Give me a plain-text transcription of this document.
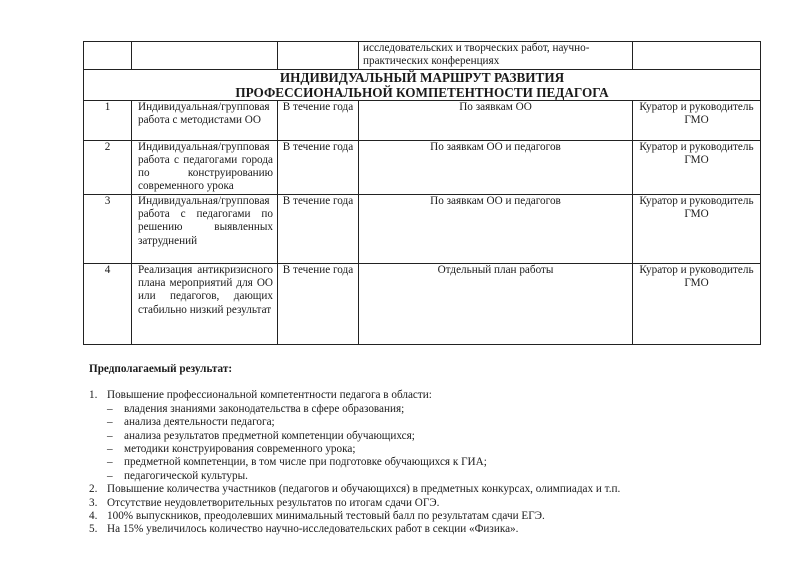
			исследовательских и творческих работ, научно-практических конференциях	

ИНДИВИДУАЛЬНЫЙ МАРШРУТ РАЗВИТИЯ
ПРОФЕССИОНАЛЬНОЙ КОМПЕТЕНТНОСТИ ПЕДАГОГА				

1	Индивидуальная/групповая работа с методистами ОО	В течение года	По заявкам ОО	Куратор и руководитель ГМО
2	Индивидуальная/групповая работа с педагогами города по конструированию современного урока	В течение года	По заявкам ОО и педагогов	Куратор и руководитель ГМО
3	Индивидуальная/групповая работа с педагогами по решению выявленных затруднений	В течение года	По заявкам ОО и педагогов	Куратор и руководитель ГМО
4	Реализация антикризисного плана мероприятий для ОО или педагогов, дающих стабильно низкий результат	В течение года	Отдельный план работы	Куратор и руководитель ГМО
Предполагаемый результат:
1. Повышение профессиональной компетентности педагога в области:
– владения знаниями законодательства в сфере образования;
– анализа деятельности педагога;
– анализа результатов предметной компетенции обучающихся;
– методики конструирования современного урока;
– предметной компетенции, в том числе при подготовке обучающихся к ГИА;
– педагогической культуры.
2. Повышение количества участников (педагогов и обучающихся) в предметных конкурсах, олимпиадах и т.п.
3. Отсутствие неудовлетворительных результатов по итогам сдачи ОГЭ.
4. 100% выпускников, преодолевших минимальный тестовый балл по результатам сдачи ЕГЭ.
5. На 15% увеличилось количество научно-исследовательских работ в секции «Физика».
